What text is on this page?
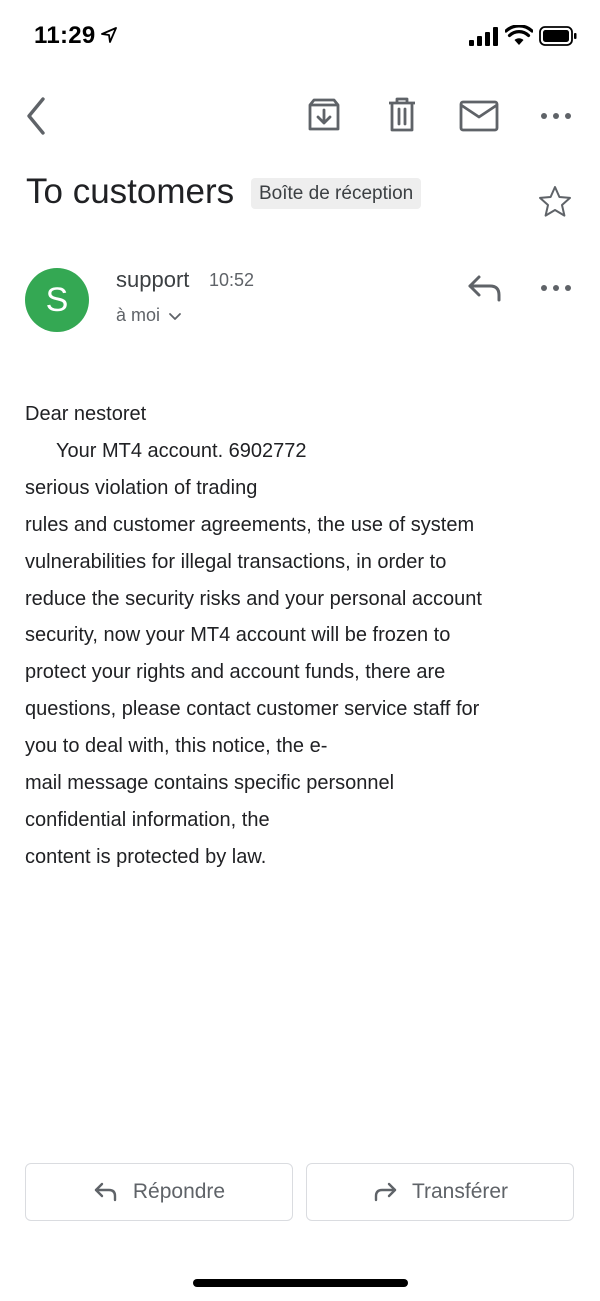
11:29
To customers	Boîte de réception
S
support 10:52
à moi
Dear nestoret
Your MT4 account. 6902772
serious violation of trading
rules and customer agreements, the use of system
vulnerabilities for illegal transactions, in order to
reduce the security risks and your personal account
security, now your MT4 account will be frozen to
protect your rights and account funds, there are
questions, please contact customer service staff for
you to deal with, this notice, the e-
mail message contains specific personnel
confidential information, the
content is protected by law.
Répondre	Transférer
